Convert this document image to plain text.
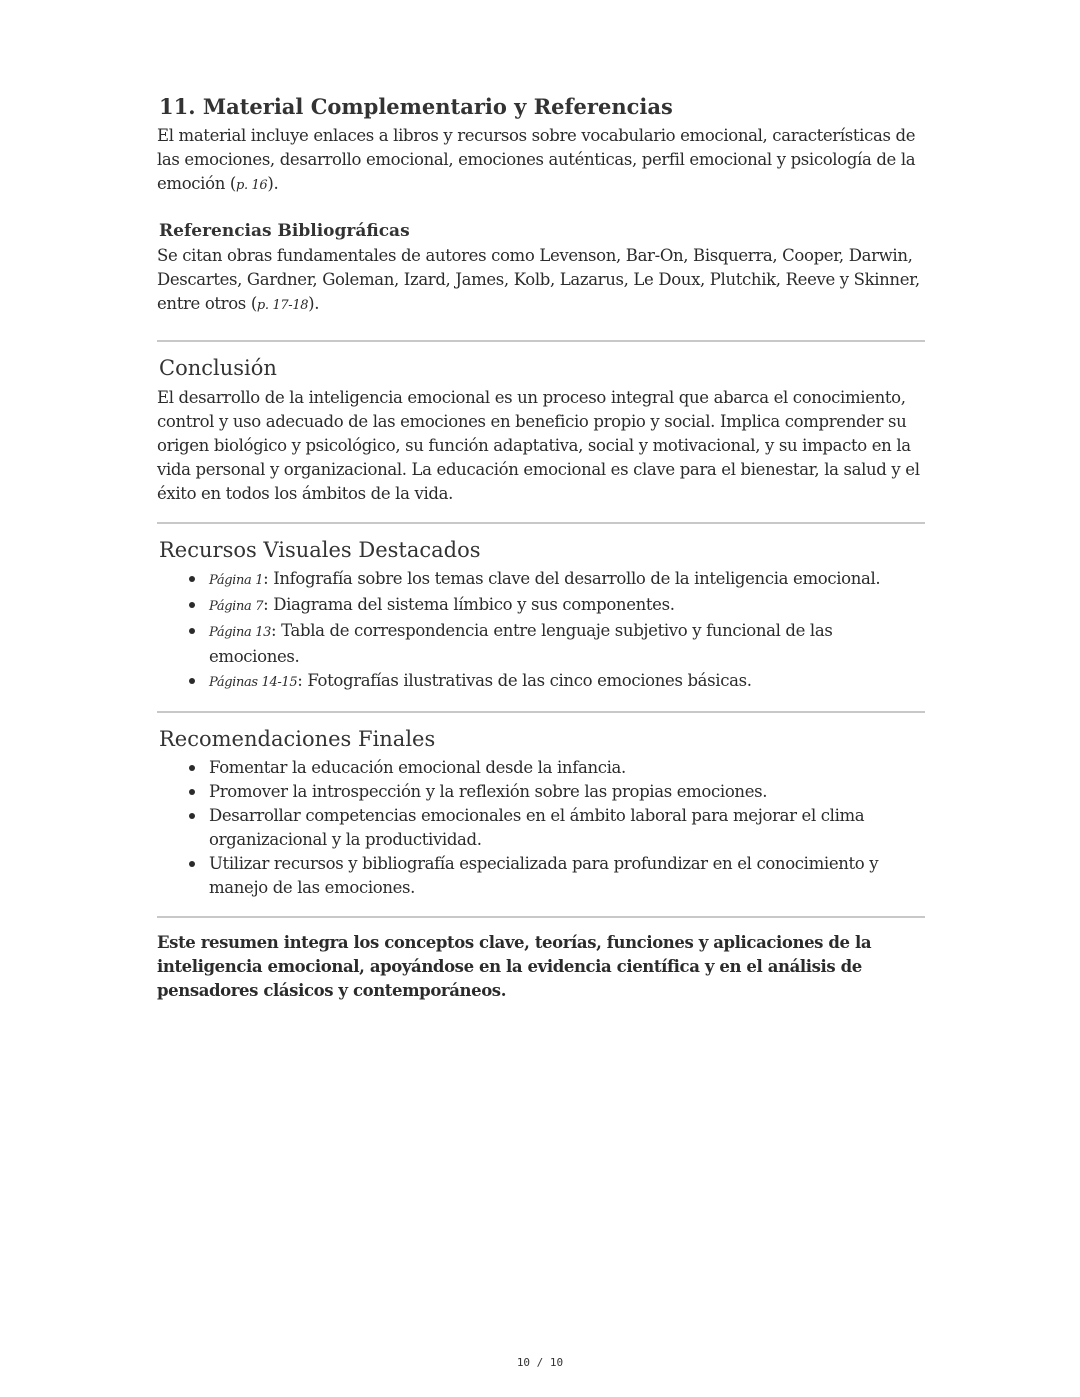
11. Material Complementario y Referencias

El material incluye enlaces a libros y recursos sobre vocabulario emocional, características de las emociones, desarrollo emocional, emociones auténticas, perfil emocional y psicología de la emoción (p. 16).

Referencias Bibliográficas

Se citan obras fundamentales de autores como Levenson, Bar-On, Bisquerra, Cooper, Darwin, Descartes, Gardner, Goleman, Izard, James, Kolb, Lazarus, Le Doux, Plutchik, Reeve y Skinner, entre otros (p. 17-18).

Conclusión

El desarrollo de la inteligencia emocional es un proceso integral que abarca el conocimiento, control y uso adecuado de las emociones en beneficio propio y social. Implica comprender su origen biológico y psicológico, su función adaptativa, social y motivacional, y su impacto en la vida personal y organizacional. La educación emocional es clave para el bienestar, la salud y el éxito en todos los ámbitos de la vida.

Recursos Visuales Destacados
Página 1: Infografía sobre los temas clave del desarrollo de la inteligencia emocional.
Página 7: Diagrama del sistema límbico y sus componentes.
Página 13: Tabla de correspondencia entre lenguaje subjetivo y funcional de las emociones.
Páginas 14-15: Fotografías ilustrativas de las cinco emociones básicas.
Recomendaciones Finales
Fomentar la educación emocional desde la infancia.
Promover la introspección y la reflexión sobre las propias emociones.
Desarrollar competencias emocionales en el ámbito laboral para mejorar el clima organizacional y la productividad.
Utilizar recursos y bibliografía especializada para profundizar en el conocimiento y manejo de las emociones.

Este resumen integra los conceptos clave, teorías, funciones y aplicaciones de la inteligencia emocional, apoyándose en la evidencia científica y en el análisis de pensadores clásicos y contemporáneos.

10 / 10
